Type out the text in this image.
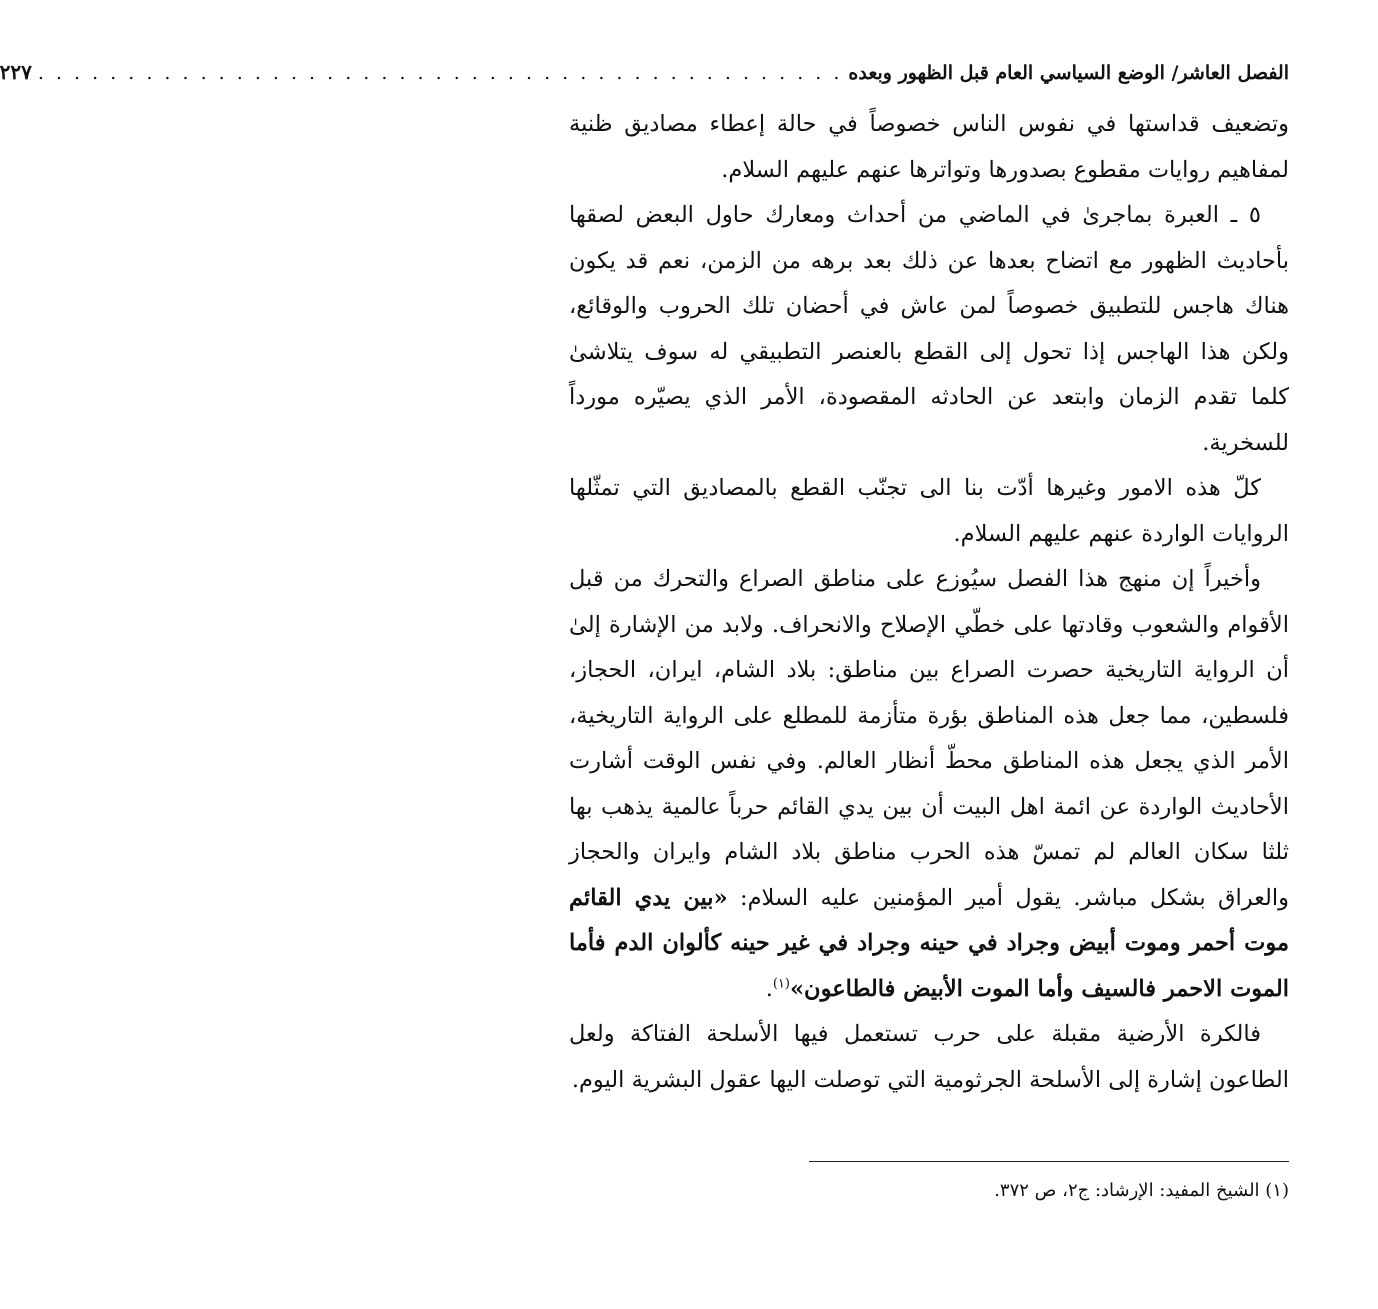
الفصل العاشر/ الوضع السياسي العام قبل الظهور وبعده
. . . . . . . . . . . . . . . . . . . . . . . . . . . . . . . . . . . . . . . . . . . . .
٢٢٧

وتضعيف قداستها في نفوس الناس خصوصاً في حالة إعطاء مصاديق ظنية لمفاهيم روايات مقطوع بصدورها وتواترها عنهم عليهم السلام.

٥ ـ العبرة بماجرىٰ في الماضي من أحداث ومعارك حاول البعض لصقها بأحاديث الظهور مع اتضاح بعدها عن ذلك بعد برهه من الزمن، نعم قد يكون هناك هاجس للتطبيق خصوصاً لمن عاش في أحضان تلك الحروب والوقائع، ولكن هذا الهاجس إذا تحول إلى القطع بالعنصر التطبيقي له سوف يتلاشىٰ كلما تقدم الزمان وابتعد عن الحادثه المقصودة، الأمر الذي يصيّره مورداً للسخرية.

كلّ هذه الامور وغيرها أدّت بنا الى تجنّب القطع بالمصاديق التي تمثّلها الروايات الواردة عنهم عليهم السلام.

وأخيراً إن منهج هذا الفصل سيُوزع على مناطق الصراع والتحرك من قبل الأقوام والشعوب وقادتها على خطّي الإصلاح والانحراف. ولابد من الإشارة إلىٰ أن الرواية التاريخية حصرت الصراع بين مناطق: بلاد الشام، ايران، الحجاز، فلسطين، مما جعل هذه المناطق بؤرة متأزمة للمطلع على الرواية التاريخية، الأمر الذي يجعل هذه المناطق محطّ أنظار العالم. وفي نفس الوقت أشارت الأحاديث الواردة عن ائمة اهل البيت أن بين يدي القائم حرباً عالمية يذهب بها ثلثا سكان العالم لم تمسّ هذه الحرب مناطق بلاد الشام وايران والحجاز والعراق بشكل مباشر. يقول أمير المؤمنين عليه السلام: «بين يدي القائم موت أحمر وموت أبيض وجراد في حينه وجراد في غير حينه كألوان الدم فأما الموت الاحمر فالسيف وأما الموت الأبيض فالطاعون»$^{(١)}$.

فالكرة الأرضية مقبلة على حرب تستعمل فيها الأسلحة الفتاكة ولعل الطاعون إشارة إلى الأسلحة الجرثومية التي توصلت اليها عقول البشرية اليوم.

(١) الشيخ المفيد: الإرشاد: ج٢، ص ٣٧٢.
